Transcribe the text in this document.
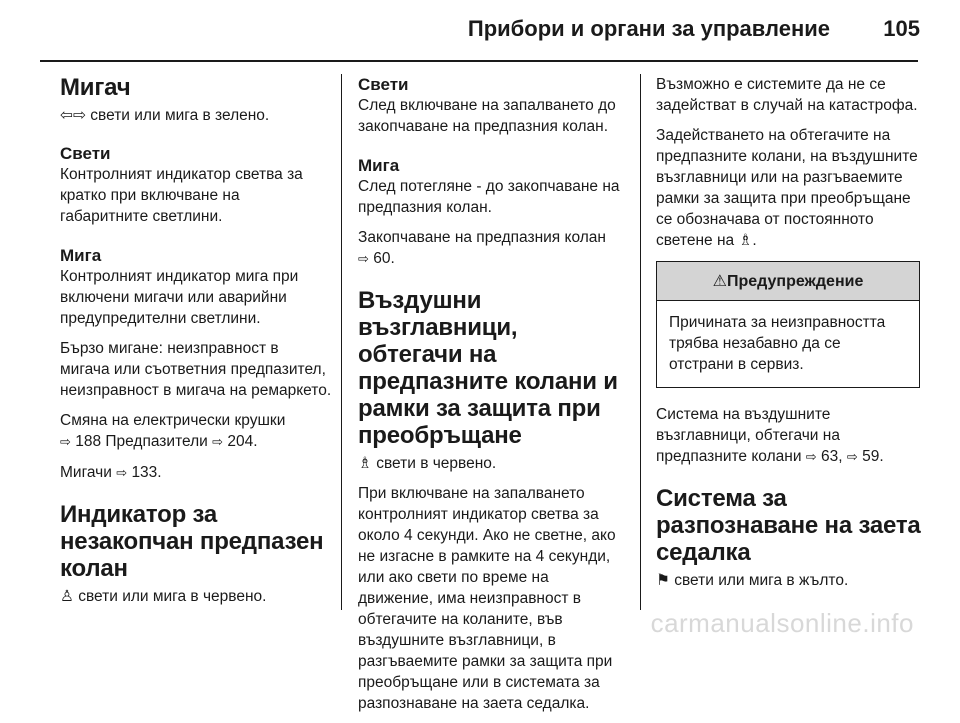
Прибори и органи за управление 105
Мигач

⇦⇨ свети или мига в зелено.

Свети

Контролният индикатор светва за кратко при включване на габаритните светлини.

Мига

Контролният индикатор мига при включени мигачи или аварийни предупредителни светлини.

Бързо мигане: неизправност в мигача или съответния предпазител, неизправност в мигача на ремаркето.

Смяна на електрически крушки
⇨ 188 Предпазители ⇨ 204.

Мигачи ⇨ 133.

Индикатор за незакопчан предпазен колан

♙ свети или мига в червено.

Свети

След включване на запалването до закопчаване на предпазния колан.

Мига

След потегляне - до закопчаване на предпазния колан.

Закопчаване на предпазния колан
⇨ 60.

Въздушни възглавници, обтегачи на предпазните колани и рамки за защита при преобръщане

♗ свети в червено.

При включване на запалването контролният индикатор светва за около 4 секунди. Ако не светне, ако не изгасне в рамките на 4 секунди, или ако свети по време на движение, има неизправност в обтегачите на коланите, във въздушните възглавници, в разгъваемите рамки за защита при преобръщане или в системата за разпознаване на заета седалка.

Възможно е системите да не се задействат в случай на катастрофа.

Задействането на обтегачите на предпазните колани, на въздушните възглавници или на разгъваемите рамки за защита при преобръщане се обозначава от постоянното светене на ♗.

⚠Предупреждение
Причината за неизправността трябва незабавно да се отстрани в сервиз.

Система на въздушните възглавници, обтегачи на предпазните колани ⇨ 63, ⇨ 59.

Система за разпознаване на заета седалка

⚑ свети или мига в жълто.

carmanualsonline.info
